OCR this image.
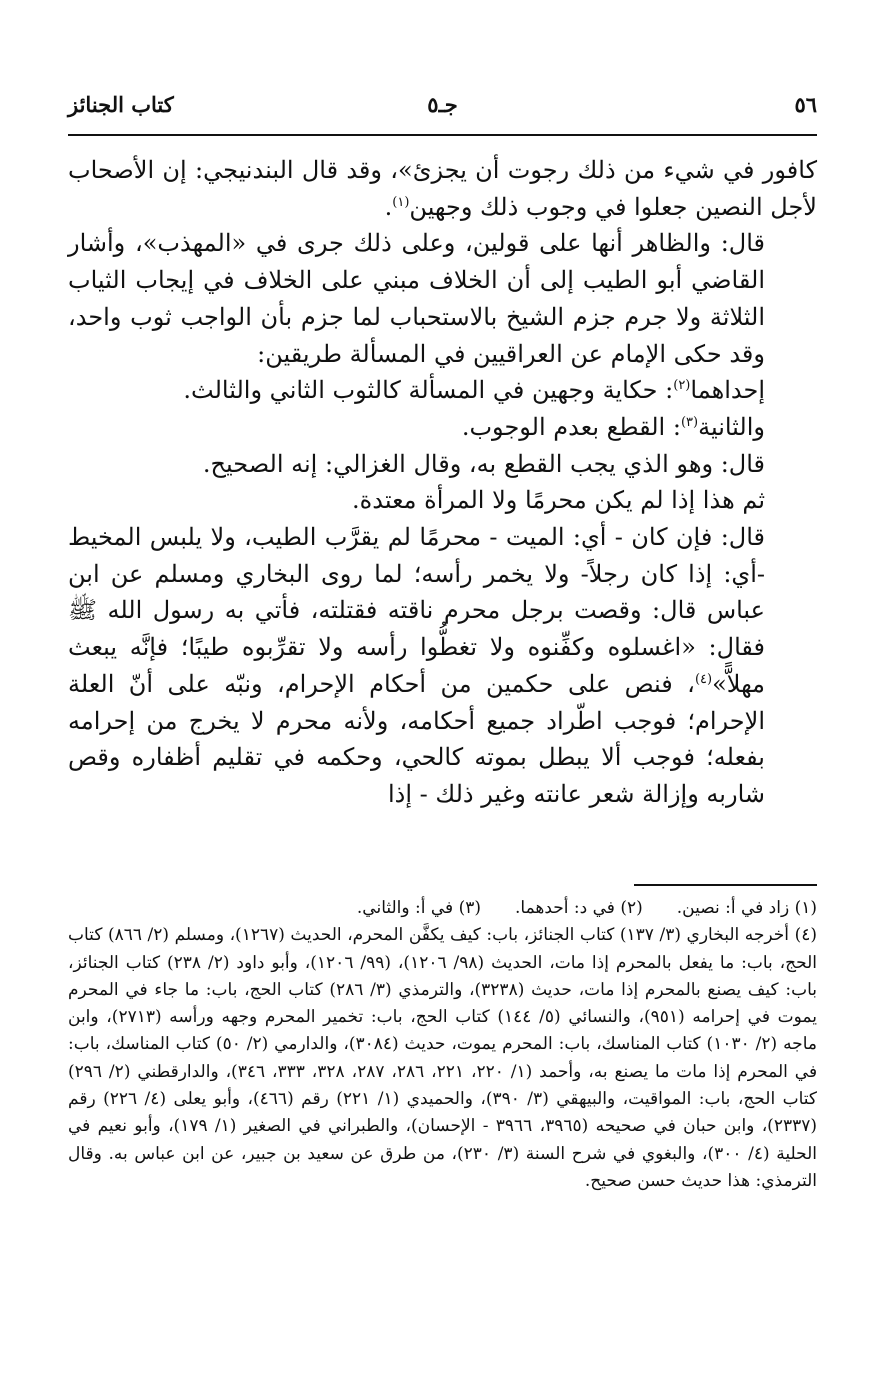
٥٦
جـ٥
كتاب الجنائز

كافور في شيء من ذلك رجوت أن يجزئ»، وقد قال البندنيجي: إن الأصحاب لأجل النصين جعلوا في وجوب ذلك وجهين$^{(١)}$.

قال: والظاهر أنها على قولين، وعلى ذلك جرى في «المهذب»، وأشار القاضي أبو الطيب إلى أن الخلاف مبني على الخلاف في إيجاب الثياب الثلاثة ولا جرم جزم الشيخ بالاستحباب لما جزم بأن الواجب ثوب واحد، وقد حكى الإمام عن العراقيين في المسألة طريقين:

إحداهما$^{(٢)}$: حكاية وجهين في المسألة كالثوب الثاني والثالث.

والثانية$^{(٣)}$: القطع بعدم الوجوب.

قال: وهو الذي يجب القطع به، وقال الغزالي: إنه الصحيح.

ثم هذا إذا لم يكن محرمًا ولا المرأة معتدة.

قال: فإن كان - أي: الميت - محرمًا لم يقرَّب الطيب، ولا يلبس المخيط -أي: إذا كان رجلاً- ولا يخمر رأسه؛ لما روى البخاري ومسلم عن ابن عباس قال: وقصت برجل محرم ناقته فقتلته، فأتي به رسول الله ﷺ فقال: «اغسلوه وكفِّنوه ولا تغطُّوا رأسه ولا تقرِّبوه طيبًا؛ فإنَّه يبعث مهلاًّ»$^{(٤)}$، فنص على حكمين من أحكام الإحرام، ونبّه على أنّ العلة الإحرام؛ فوجب اطّراد جميع أحكامه، ولأنه محرم لا يخرج من إحرامه بفعله؛ فوجب ألا يبطل بموته كالحي، وحكمه في تقليم أظفاره وقص شاربه وإزالة شعر عانته وغير ذلك - إذا

(١) زاد في أ: نصين.(٢) في د: أحدهما.(٣) في أ: والثاني.

(٤) أخرجه البخاري (٣/ ١٣٧) كتاب الجنائز، باب: كيف يكفَّن المحرم، الحديث (١٢٦٧)، ومسلم (٢/ ٨٦٦) كتاب الحج، باب: ما يفعل بالمحرم إذا مات، الحديث (٩٨/ ١٢٠٦)، (٩٩/ ١٢٠٦)، وأبو داود (٢/ ٢٣٨) كتاب الجنائز، باب: كيف يصنع بالمحرم إذا مات، حديث (٣٢٣٨)، والترمذي (٣/ ٢٨٦) كتاب الحج، باب: ما جاء في المحرم يموت في إحرامه (٩٥١)، والنسائي (٥/ ١٤٤) كتاب الحج، باب: تخمير المحرم وجهه ورأسه (٢٧١٣)، وابن ماجه (٢/ ١٠٣٠) كتاب المناسك، باب: المحرم يموت، حديث (٣٠٨٤)، والدارمي (٢/ ٥٠) كتاب المناسك، باب: في المحرم إذا مات ما يصنع به، وأحمد (١/ ٢٢٠، ٢٢١، ٢٨٦، ٢٨٧، ٣٢٨، ٣٣٣، ٣٤٦)، والدارقطني (٢/ ٢٩٦) كتاب الحج، باب: المواقيت، والبيهقي (٣/ ٣٩٠)، والحميدي (١/ ٢٢١) رقم (٤٦٦)، وأبو يعلى (٤/ ٢٢٦) رقم (٢٣٣٧)، وابن حبان في صحيحه (٣٩٦٥، ٣٩٦٦ - الإحسان)، والطبراني في الصغير (١/ ١٧٩)، وأبو نعيم في الحلية (٤/ ٣٠٠)، والبغوي في شرح السنة (٣/ ٢٣٠)، من طرق عن سعيد بن جبير، عن ابن عباس به. وقال الترمذي: هذا حديث حسن صحيح.
